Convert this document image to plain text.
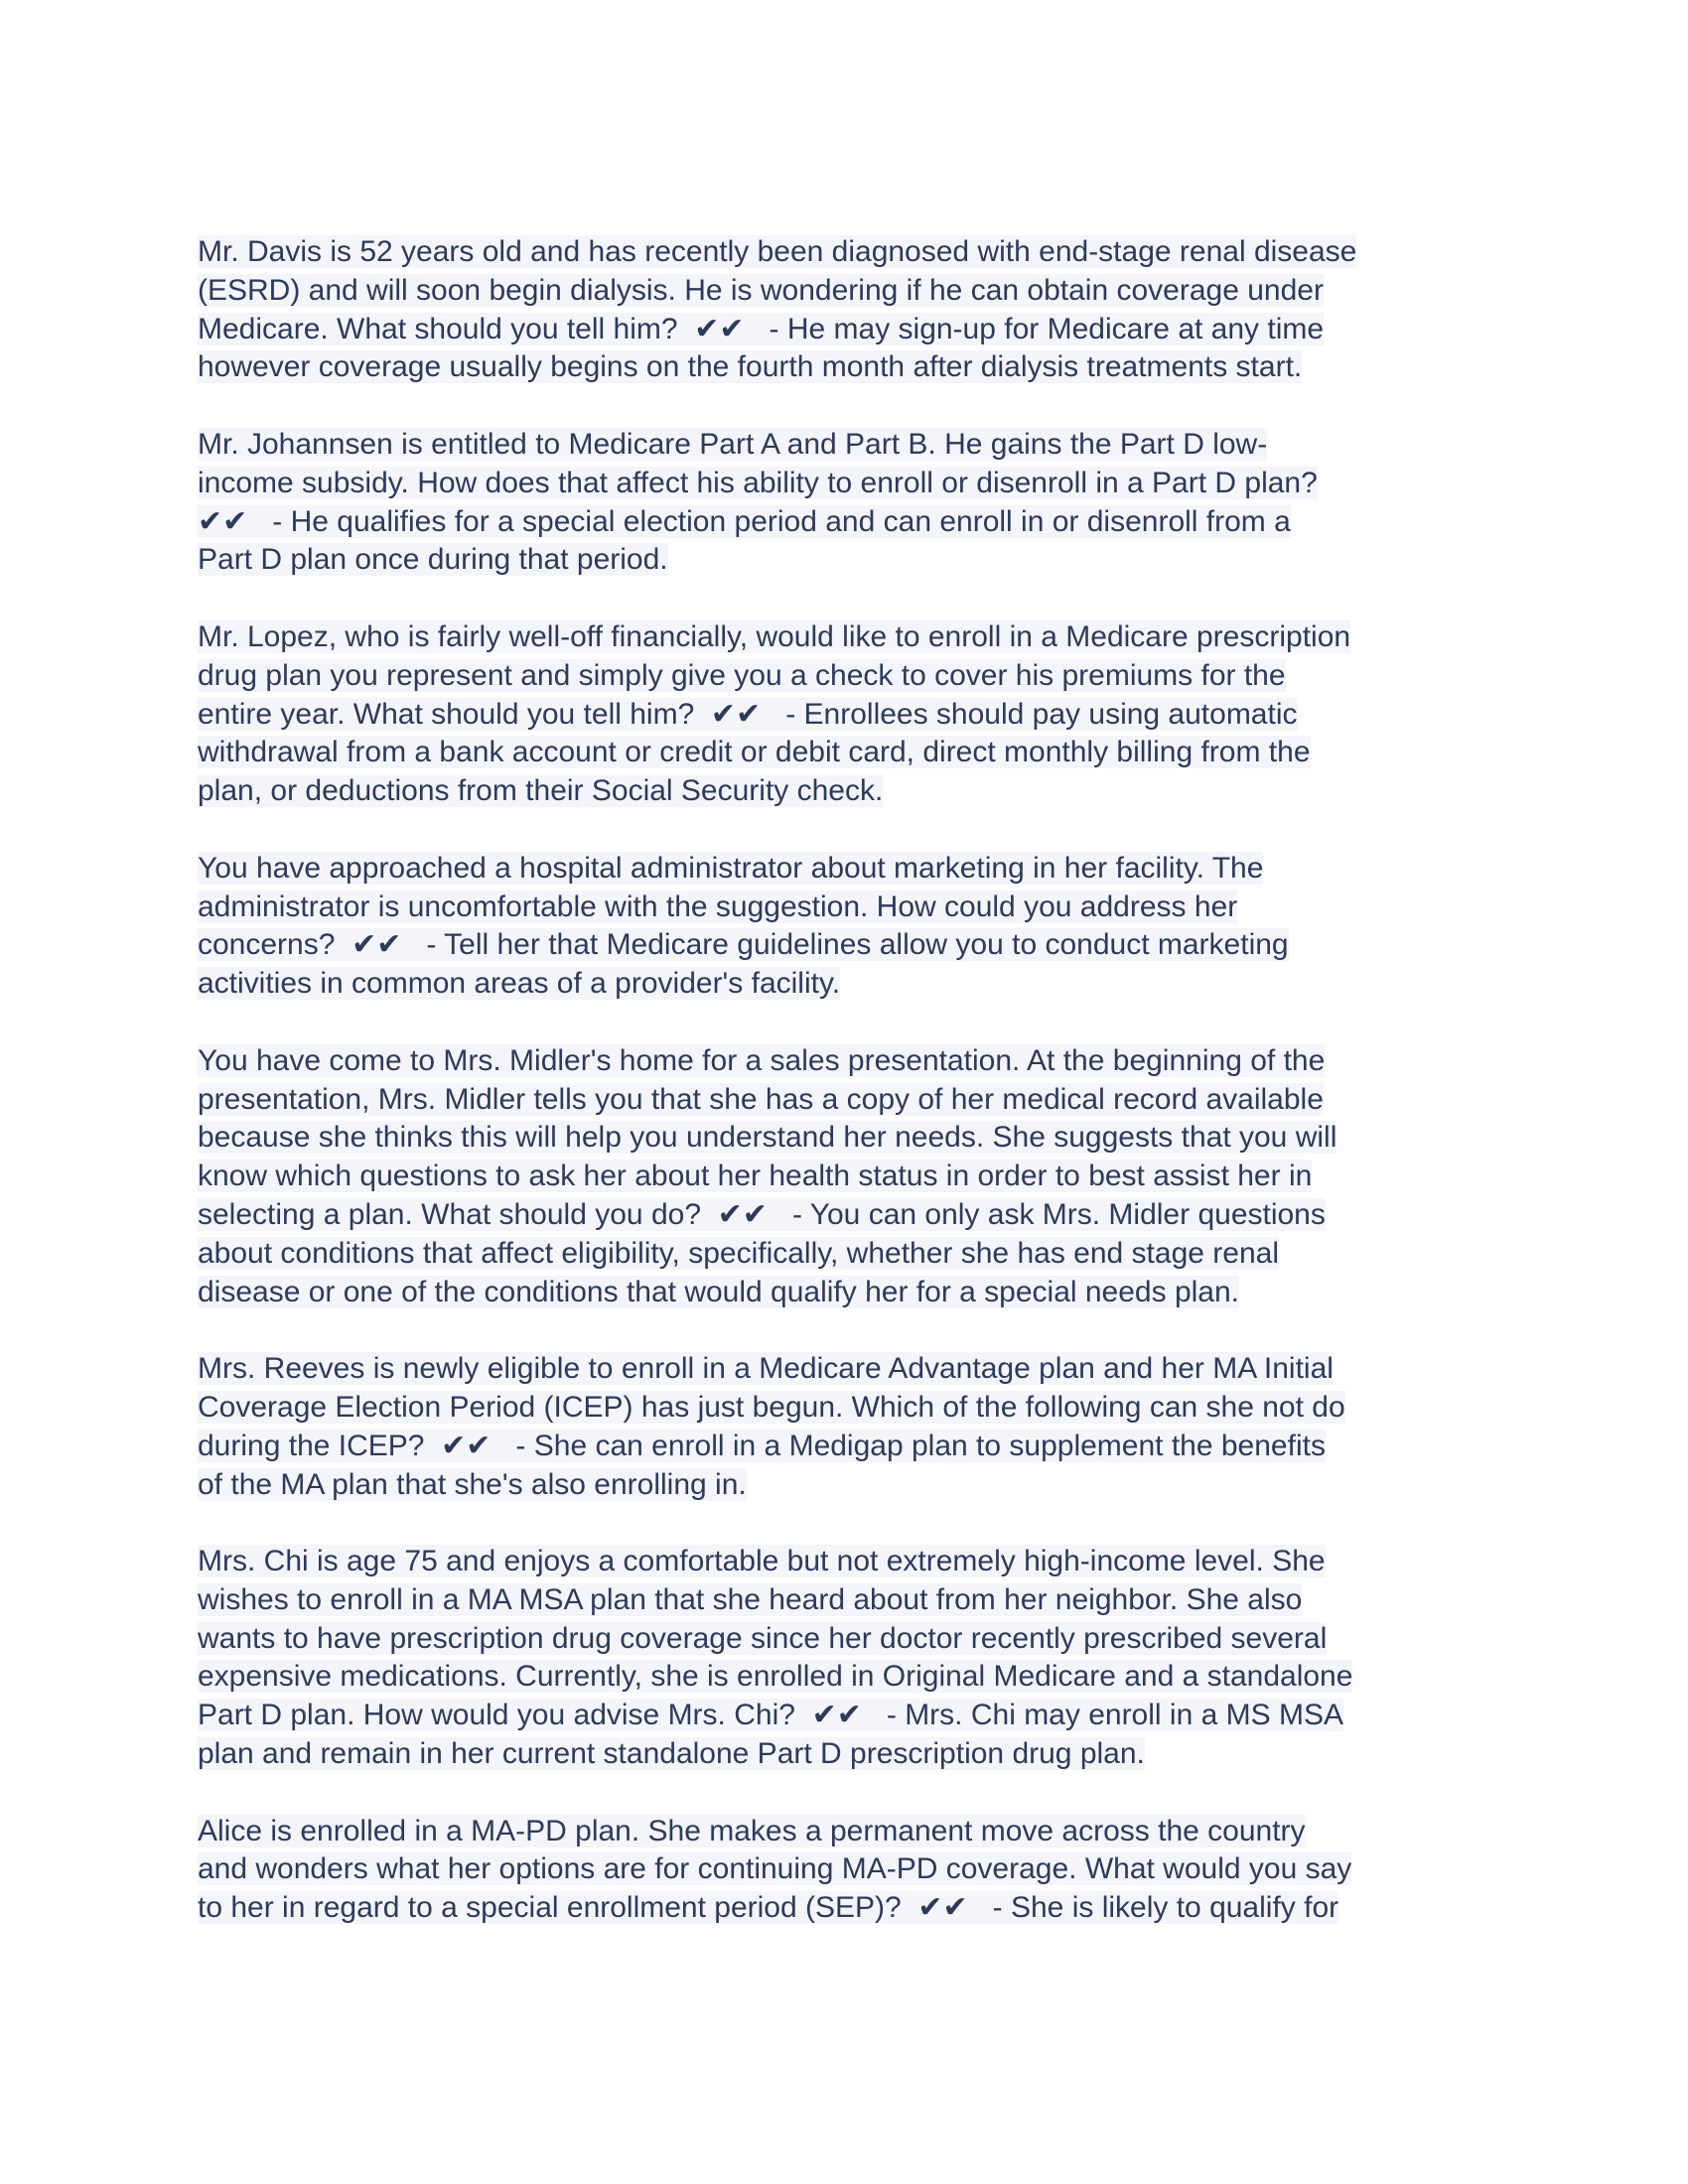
Mr. Davis is 52 years old and has recently been diagnosed with end-stage renal disease
(ESRD) and will soon begin dialysis. He is wondering if he can obtain coverage under
Medicare. What should you tell him?  ✔✔   - He may sign-up for Medicare at any time
however coverage usually begins on the fourth month after dialysis treatments start.
Mr. Johannsen is entitled to Medicare Part A and Part B. He gains the Part D low-
income subsidy. How does that affect his ability to enroll or disenroll in a Part D plan?
✔✔   - He qualifies for a special election period and can enroll in or disenroll from a
Part D plan once during that period.
Mr. Lopez, who is fairly well-off financially, would like to enroll in a Medicare prescription
drug plan you represent and simply give you a check to cover his premiums for the
entire year. What should you tell him?  ✔✔   - Enrollees should pay using automatic
withdrawal from a bank account or credit or debit card, direct monthly billing from the
plan, or deductions from their Social Security check.
You have approached a hospital administrator about marketing in her facility. The
administrator is uncomfortable with the suggestion. How could you address her
concerns?  ✔✔   - Tell her that Medicare guidelines allow you to conduct marketing
activities in common areas of a provider's facility.
You have come to Mrs. Midler's home for a sales presentation. At the beginning of the
presentation, Mrs. Midler tells you that she has a copy of her medical record available
because she thinks this will help you understand her needs. She suggests that you will
know which questions to ask her about her health status in order to best assist her in
selecting a plan. What should you do?  ✔✔   - You can only ask Mrs. Midler questions
about conditions that affect eligibility, specifically, whether she has end stage renal
disease or one of the conditions that would qualify her for a special needs plan.
Mrs. Reeves is newly eligible to enroll in a Medicare Advantage plan and her MA Initial
Coverage Election Period (ICEP) has just begun. Which of the following can she not do
during the ICEP?  ✔✔   - She can enroll in a Medigap plan to supplement the benefits
of the MA plan that she's also enrolling in.
Mrs. Chi is age 75 and enjoys a comfortable but not extremely high-income level. She
wishes to enroll in a MA MSA plan that she heard about from her neighbor. She also
wants to have prescription drug coverage since her doctor recently prescribed several
expensive medications. Currently, she is enrolled in Original Medicare and a standalone
Part D plan. How would you advise Mrs. Chi?  ✔✔   - Mrs. Chi may enroll in a MS MSA
plan and remain in her current standalone Part D prescription drug plan.
Alice is enrolled in a MA-PD plan. She makes a permanent move across the country
and wonders what her options are for continuing MA-PD coverage. What would you say
to her in regard to a special enrollment period (SEP)?  ✔✔   - She is likely to qualify for
